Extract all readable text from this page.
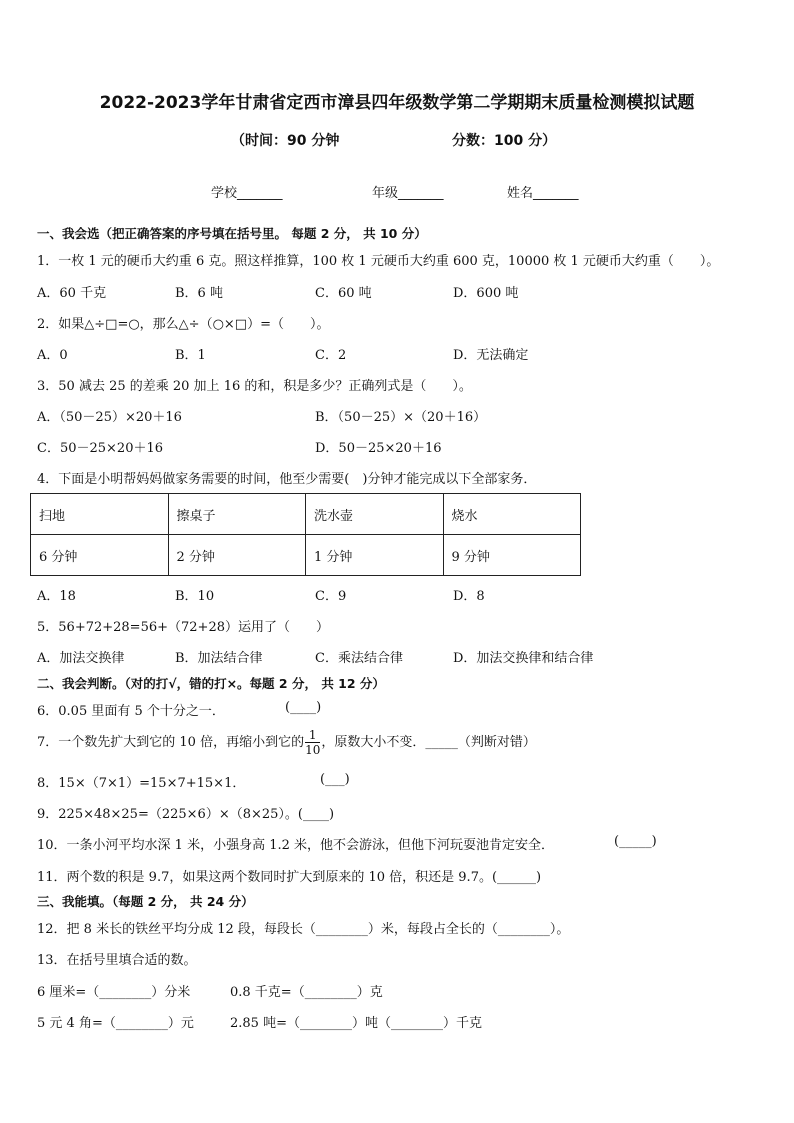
2022-2023学年甘肃省定西市漳县四年级数学第二学期期末质量检测模拟试题
（时间：90 分钟	分数：100 分）
学校_______	年级_______	姓名_______
一、我会选（把正确答案的序号填在括号里。 每题 2 分， 共 10 分）
1．一枚 1 元的硬币大约重 6 克。照这样推算，100 枚 1 元硬币大约重 600 克，10000 枚 1 元硬币大约重（　　）。
A．60 千克	B．6 吨	C．60 吨	D．600 吨
2．如果△÷□=○，那么△÷（○×□）=（　　）。
A．0	B．1	C．2	D．无法确定
3．50 减去 25 的差乘 20 加上 16 的和，积是多少？正确列式是（　　）。
A．（50－25）×20＋16	B．（50－25）×（20＋16）
C．50－25×20＋16	D．50－25×20＋16
4．下面是小明帮妈妈做家务需要的时间，他至少需要(　)分钟才能完成以下全部家务．
扫地	擦桌子	洗水壶	烧水
6 分钟	2 分钟	1 分钟	9 分钟
A．18	B．10	C．9	D．8
5．56+72+28=56+（72+28）运用了（　　）
A．加法交换律	B．加法结合律	C．乘法结合律	D．加法交换律和结合律
二、我会判断。（对的打√，错的打×。每题 2 分， 共 12 分）
6．0.05 里面有 5 个十分之一．	(____)
7．一个数先扩大到它的 10 倍，再缩小到它的 $\frac{1}{10}$ ，原数大小不变．_____（判断对错）
8．15×（7×1）=15×7+15×1．	(___)
9．225×48×25=（225×6）×（8×25）。(____)
10．一条小河平均水深 1 米，小强身高 1.2 米，他不会游泳，但他下河玩耍池肯定安全．	(_____)
11．两个数的积是 9.7，如果这两个数同时扩大到原来的 10 倍，积还是 9.7。(______)
三、我能填。（每题 2 分， 共 24 分）
12．把 8 米长的铁丝平均分成 12 段，每段长（________）米，每段占全长的（________）。
13．在括号里填合适的数。
6 厘米=（________）分米	0.8 千克=（________）克
5 元 4 角=（________）元	2.85 吨=（________）吨（________）千克
